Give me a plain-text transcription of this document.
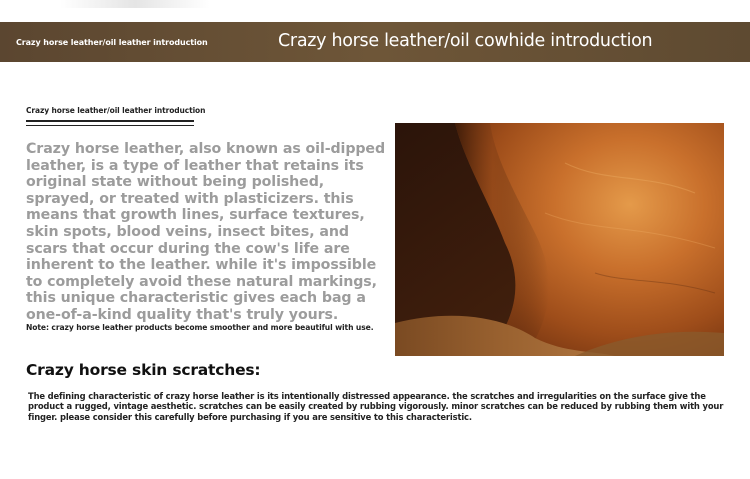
Crazy horse leather/oil leather introduction	Crazy horse leather/oil cowhide introduction
Crazy horse leather/oil leather introduction

Crazy horse leather, also known as oil-dipped leather, is a type of leather that retains its original state without being polished, sprayed, or treated with plasticizers. this means that growth lines, surface textures, skin spots, blood veins, insect bites, and scars that occur during the cow's life are inherent to the leather. while it's impossible to completely avoid these natural markings, this unique characteristic gives each bag a one-of-a-kind quality that's truly yours.

Note: crazy horse leather products become smoother and more beautiful with use.
Crazy horse skin scratches:

The defining characteristic of crazy horse leather is its intentionally distressed appearance. the scratches and irregularities on the surface give the product a rugged, vintage aesthetic. scratches can be easily created by rubbing vigorously. minor scratches can be reduced by rubbing them with your finger. please consider this carefully before purchasing if you are sensitive to this characteristic.
